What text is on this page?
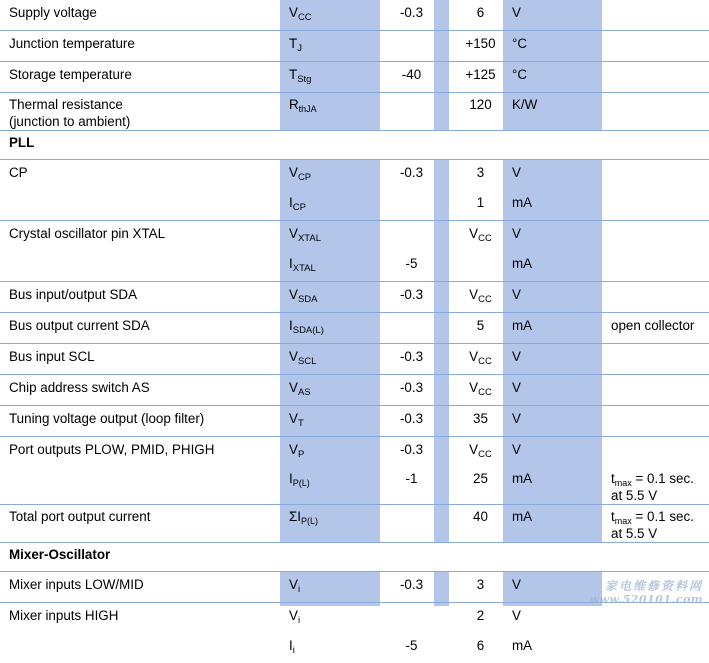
Supply voltage	$V_{CC}$	-0.3		6	V	
Junction temperature	$T_J$			+150	°C	
Storage temperature	$T_{Stg}$	-40		+125	°C	
Thermal resistance
(junction to ambient)	$R_{thJA}$			120	K/W	
PLL						
CP	$V_{CP}$	-0.3		3	V	
	$I_{CP}$			1	mA	
Crystal oscillator pin XTAL	$V_{XTAL}$			$V_{CC}$	V	
	$I_{XTAL}$	-5			mA	
Bus input/output SDA	$V_{SDA}$	-0.3		$V_{CC}$	V	
Bus output current SDA	$I_{SDA(L)}$			5	mA	open collector
Bus input SCL	$V_{SCL}$	-0.3		$V_{CC}$	V	
Chip address switch AS	$V_{AS}$	-0.3		$V_{CC}$	V	
Tuning voltage output (loop filter)	$V_T$	-0.3		35	V	
Port outputs PLOW, PMID, PHIGH	$V_P$	-0.3		$V_{CC}$	V	
	$I_{P(L)}$	-1		25	mA	$t_{max} = 0.1$ sec.
at 5.5 V
Total port output current	$\Sigma I_{P(L)}$			40	mA	$t_{max} = 0.1$ sec.
at 5.5 V
Mixer-Oscillator						
Mixer inputs LOW/MID	$V_i$	-0.3		3	V	
Mixer inputs HIGH	$V_i$			2	V	
	$I_i$	-5		6	mA	
家电维修资料网
www.520101.com
